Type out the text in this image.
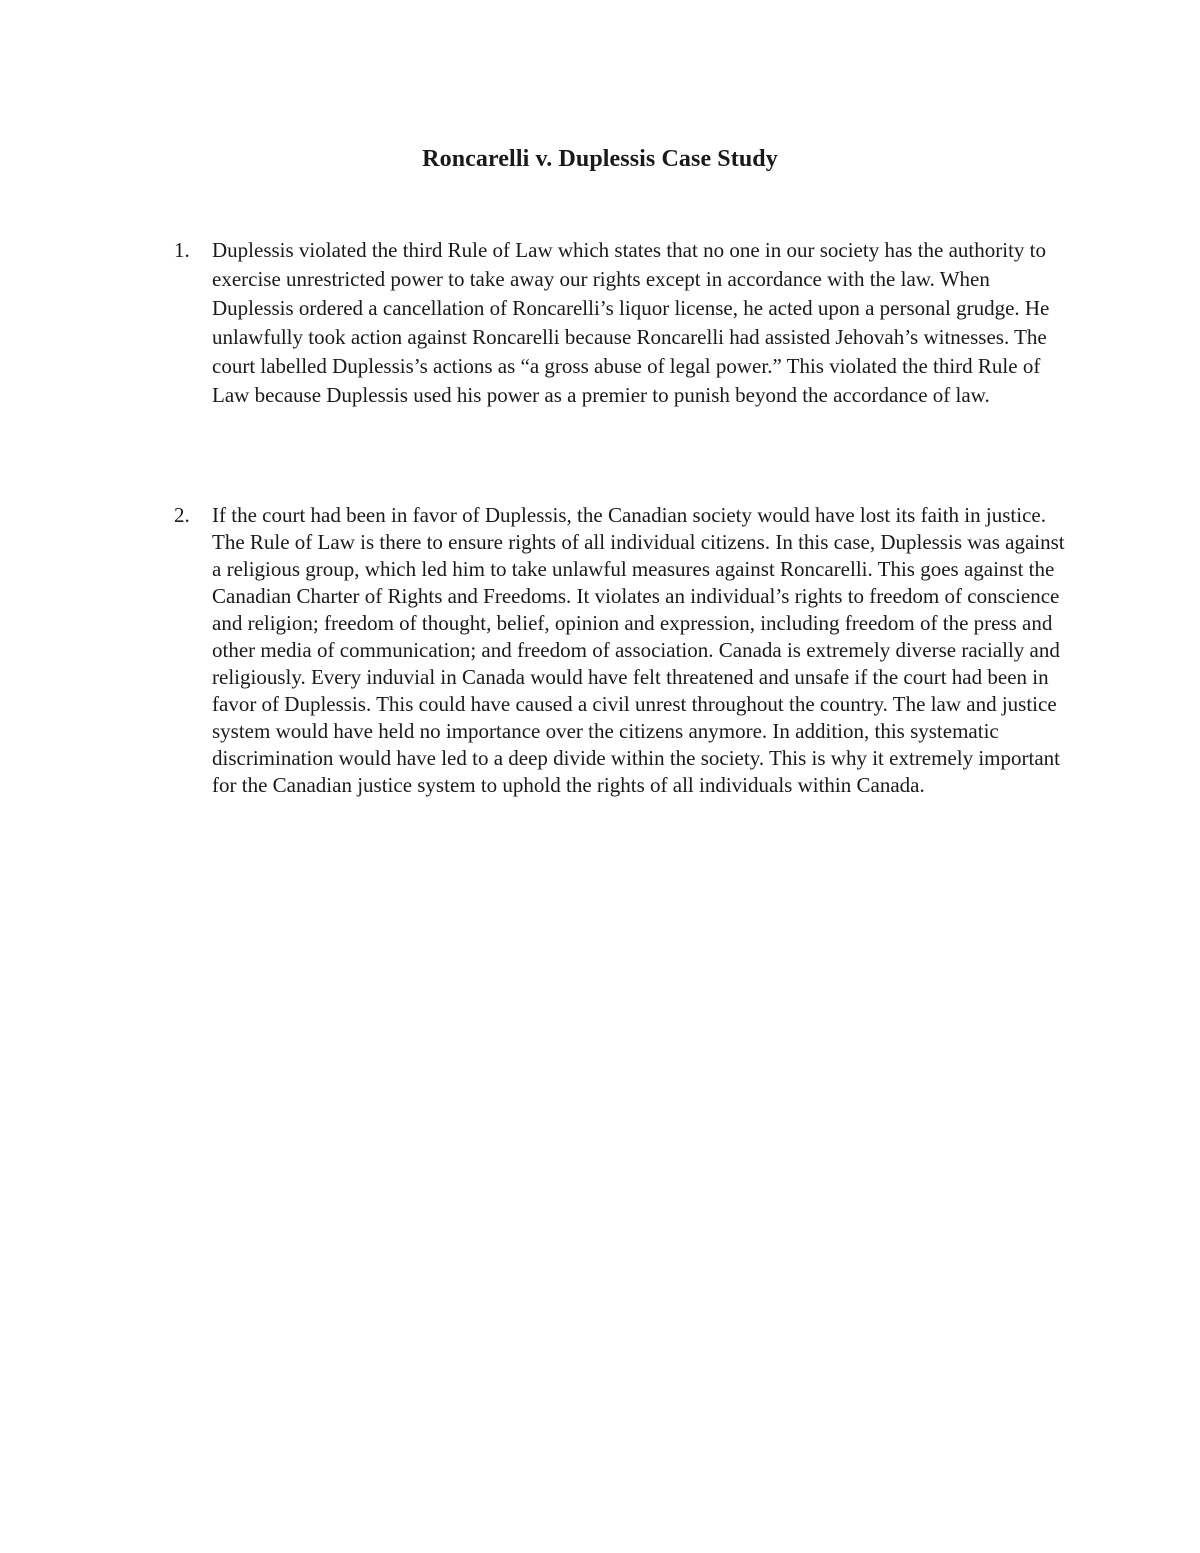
Roncarelli v. Duplessis Case Study
1. Duplessis violated the third Rule of Law which states that no one in our society has the authority to exercise unrestricted power to take away our rights except in accordance with the law. When Duplessis ordered a cancellation of Roncarelli’s liquor license, he acted upon a personal grudge. He unlawfully took action against Roncarelli because Roncarelli had assisted Jehovah’s witnesses. The court labelled Duplessis’s actions as “a gross abuse of legal power.” This violated the third Rule of Law because Duplessis used his power as a premier to punish beyond the accordance of law.

2. If the court had been in favor of Duplessis, the Canadian society would have lost its faith in justice. The Rule of Law is there to ensure rights of all individual citizens. In this case, Duplessis was against a religious group, which led him to take unlawful measures against Roncarelli. This goes against the Canadian Charter of Rights and Freedoms. It violates an individual’s rights to freedom of conscience and religion; freedom of thought, belief, opinion and expression, including freedom of the press and other media of communication; and freedom of association. Canada is extremely diverse racially and religiously. Every induvial in Canada would have felt threatened and unsafe if the court had been in favor of Duplessis. This could have caused a civil unrest throughout the country. The law and justice system would have held no importance over the citizens anymore. In addition, this systematic discrimination would have led to a deep divide within the society. This is why it extremely important for the Canadian justice system to uphold the rights of all individuals within Canada.
